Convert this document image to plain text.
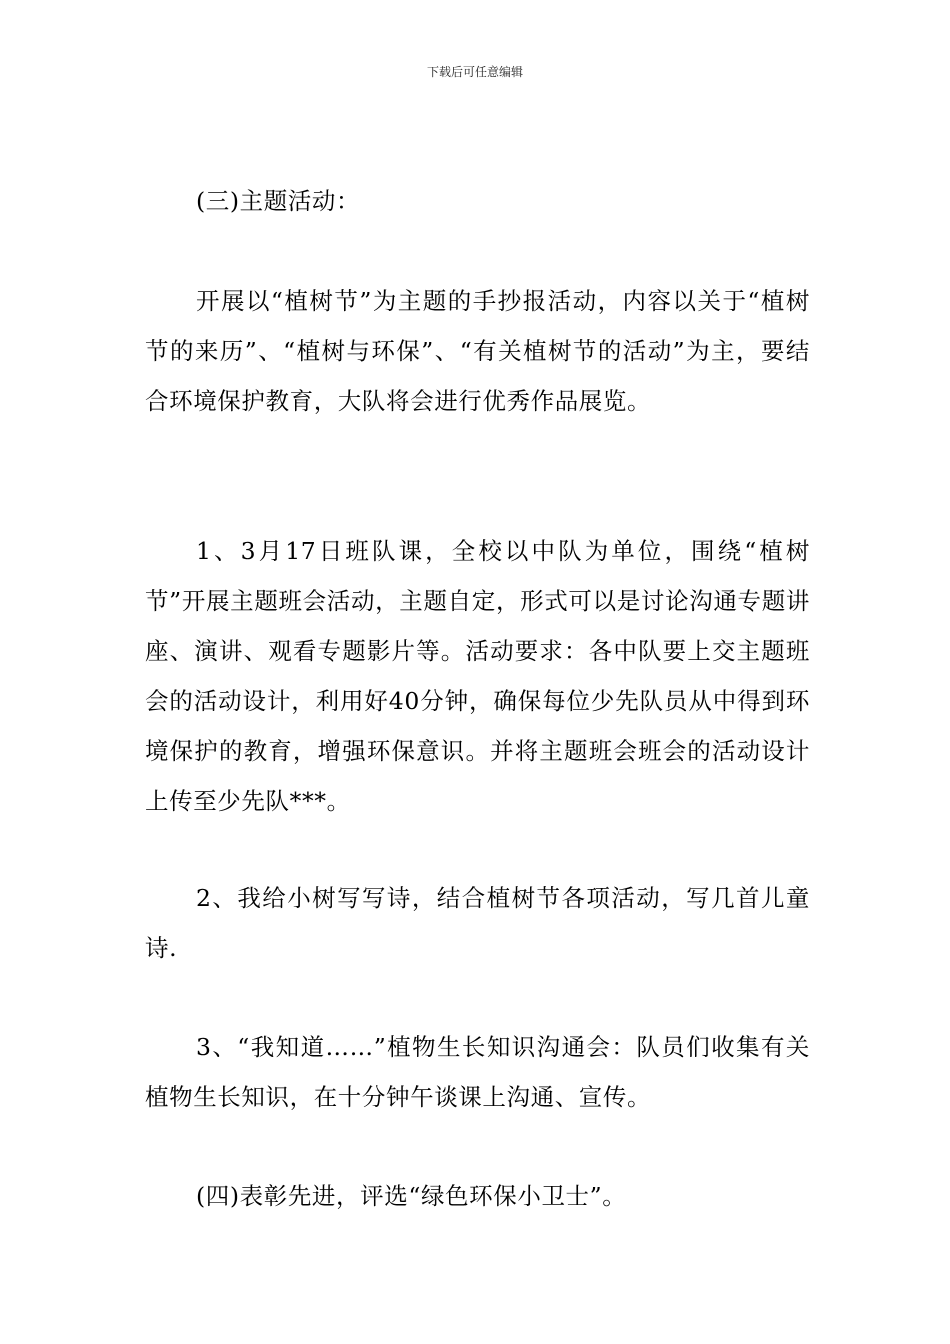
下载后可任意编辑

(三)主题活动：

开展以“植树节”为主题的手抄报活动，内容以关于“植树节的来历”、“植树与环保”、“有关植树节的活动”为主，要结合环境保护教育，大队将会进行优秀作品展览。

1、3月17日班队课，全校以中队为单位，围绕“植树节”开展主题班会活动，主题自定，形式可以是讨论沟通专题讲座、演讲、观看专题影片等。活动要求：各中队要上交主题班会的活动设计，利用好40分钟，确保每位少先队员从中得到环境保护的教育，增强环保意识。并将主题班会班会的活动设计上传至少先队***。

2、我给小树写写诗，结合植树节各项活动，写几首儿童诗.

3、“我知道……”植物生长知识沟通会：队员们收集有关植物生长知识，在十分钟午谈课上沟通、宣传。

(四)表彰先进，评选“绿色环保小卫士”。
